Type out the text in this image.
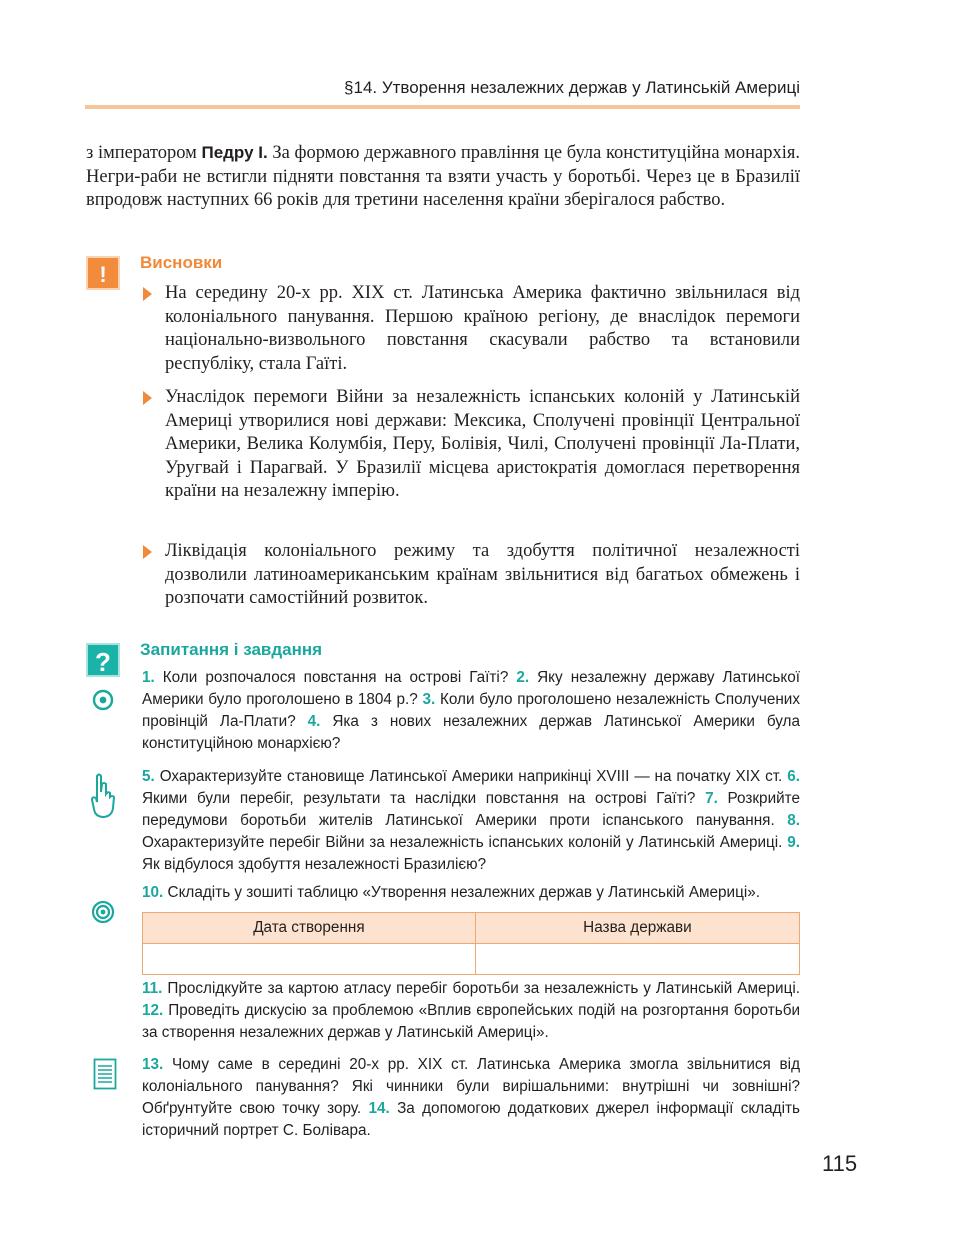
§14. Утворення незалежних держав у Латинській Америці
з імператором Педру І. За формою державного правління це була конституційна монархія. Негри-раби не встигли підняти повстання та взяти участь у боротьбі. Через це в Бразилії впродовж наступних 66 років для третини населення країни зберігалося рабство.
!	Висновки
На середину 20-х рр. XIX ст. Латинська Америка фактично звільнилася від колоніального панування. Першою країною регіону, де внаслідок перемоги національно-визвольного повстання скасували рабство та встановили республіку, стала Гаїті.
Унаслідок перемоги Війни за незалежність іспанських колоній у Латинській Америці утворилися нові держави: Мексика, Сполучені провінції Центральної Америки, Велика Колумбія, Перу, Болівія, Чилі, Сполучені провінції Ла-Плати, Уругвай і Парагвай. У Бразилії місцева аристократія домоглася перетворення країни на незалежну імперію.
Ліквідація колоніального режиму та здобуття політичної незалежності дозволили латиноамериканським країнам звільнитися від багатьох обмежень і розпочати самостійний розвиток.
?	Запитання і завдання
1. Коли розпочалося повстання на острові Гаїті? 2. Яку незалежну державу Латинської Америки було проголошено в 1804 р.? 3. Коли було проголошено незалежність Сполучених провінцій Ла-Плати? 4. Яка з нових незалежних держав Латинської Америки була конституційною монархією?
5. Охарактеризуйте становище Латинської Америки наприкінці XVIII — на початку XIX ст. 6. Якими були перебіг, результати та наслідки повстання на острові Гаїті? 7. Розкрийте передумови боротьби жителів Латинської Америки проти іспанського панування. 8. Охарактеризуйте перебіг Війни за незалежність іспанських колоній у Латинській Америці. 9. Як відбулося здобуття незалежності Бразилією?
10. Складіть у зошиті таблицю «Утворення незалежних держав у Латинській Америці».
Дата створення	Назва держави

11. Прослідкуйте за картою атласу перебіг боротьби за незалежність у Латинській Америці. 12. Проведіть дискусію за проблемою «Вплив європейських подій на розгортання боротьби за створення незалежних держав у Латинській Америці».
13. Чому саме в середині 20-х рр. XIX ст. Латинська Америка змогла звільнитися від колоніального панування? Які чинники були вирішальними: внутрішні чи зовнішні? Обґрунтуйте свою точку зору. 14. За допомогою додаткових джерел інформації складіть історичний портрет С. Болівара.
115
